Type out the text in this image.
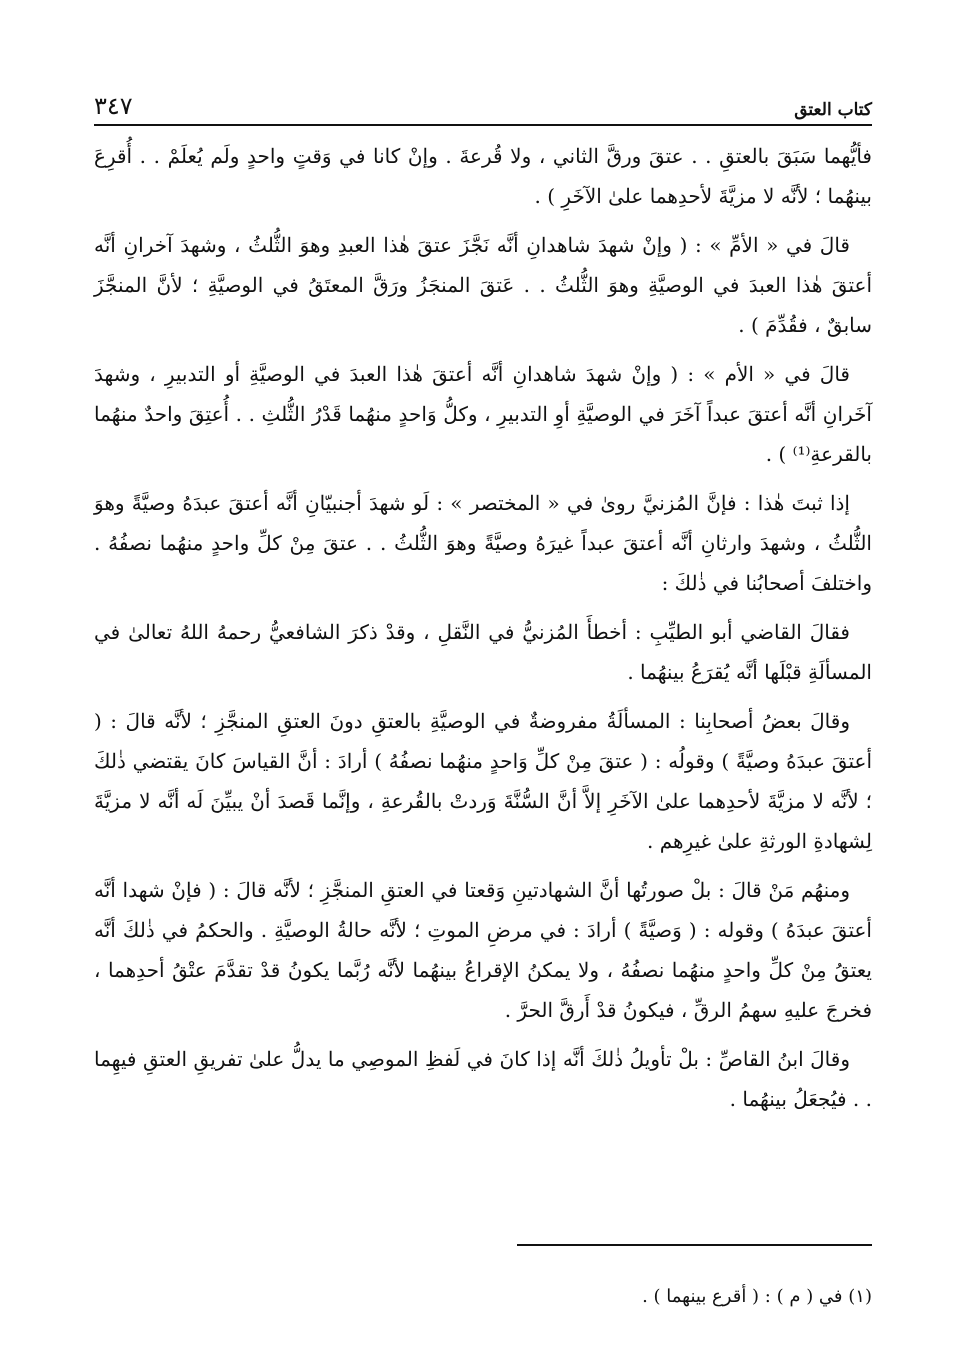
كتاب العتق
٣٤٧

فأيُّهما سَبَقَ بالعتقِ . . عتقَ ورقَّ الثاني ، ولا قُرعةَ . وإنْ كانا في وَقتٍ واحدٍ ولَم يُعلَمْ . . أُقرِعَ بينهُما ؛ لأنَّه لا مزيَّةَ لأحدِهما علىٰ الآخَرِ ) .

قالَ في « الأمِّ » : ( وإنْ شهدَ شاهدانِ أنَّه نَجَّزَ عتقَ هٰذا العبدِ وهوَ الثُّلثُ ، وشهدَ آخرانِ أنَّه أعتقَ هٰذا العبدَ في الوصيَّةِ وهوَ الثُّلثُ . . عَتقَ المنجَزُ ورَقَّ المعتَقُ في الوصيَّةِ ؛ لأنَّ المنجَّزَ سابقٌ ، فقُدِّمَ ) .

قالَ في « الأم » : ( وإنْ شهدَ شاهدانِ أنَّه أعتقَ هٰذا العبدَ في الوصيَّةِ أو التدبيرِ ، وشهدَ آخَرانِ أنَّه أعتقَ عبداً آخَرَ في الوصيَّةِ أوِ التدبيرِ ، وكلُّ وَاحدٍ منهُما قَدْرُ الثُّلثِ . . أُعتِقَ واحدٌ منهُما بالقرعةِ⁽¹⁾ ) .

إذا ثبتَ هٰذا : فإنَّ المُزنيَّ روىٰ في « المختصر » : لَو شهدَ أجنبيّانِ أنَّه أعتقَ عبدَهُ وصيَّةً وهوَ الثُّلثُ ، وشهدَ وارثانِ أنَّه أعتقَ عبداً غيرَهُ وصيَّةً وهوَ الثُّلثُ . . عتقَ مِنْ كلِّ واحدٍ منهُما نصفُهُ . واختلفَ أصحابُنا في ذٰلكَ :

فقالَ القاضي أبو الطيِّبِ : أخطأَ المُزنيُّ في النَّقلِ ، وقدْ ذكرَ الشافعيُّ رحمهُ اللهُ تعالىٰ في المسألَةِ قبْلَها أنَّه يُقرَعُ بينهُما .

وقالَ بعضُ أصحابِنا : المسألَةُ مفروضةٌ في الوصيَّةِ بالعتقِ دونَ العتقِ المنجَّزِ ؛ لأنَّه قالَ : ( أعتقَ عبدَهُ وصيَّةً ) وقولُه : ( عتقَ مِنْ كلِّ وَاحدٍ منهُما نصفُهُ ) أرادَ : أنَّ القياسَ كانَ يقتضي ذٰلكَ ؛ لأنَّه لا مزيَّةَ لأحدِهما علىٰ الآخَرِ إلاَّ أنَّ السُّنَّةَ وَردتْ بالقُرعةِ ، وإنَّما قَصدَ أنْ يبيِّنَ لَه أنَّه لا مزيَّةَ لِشهادةِ الورثةِ علىٰ غيرِهم .

ومنهُم مَنْ قالَ : بلْ صورتُها أنَّ الشهادتينِ وَقعتا في العتقِ المنجَّزِ ؛ لأنَّه قالَ : ( فإنْ شهدا أنَّه أعتقَ عبدَهُ ) وقوله : ( وَصيَّةً ) أرادَ : في مرضِ الموتِ ؛ لأنَّه حالةُ الوصيَّةِ . والحكمُ في ذٰلكَ أنَّه يعتقُ مِنْ كلِّ واحدٍ منهُما نصفُهُ ، ولا يمكنُ الإقراعُ بينهُما لأنَّه رُبَّما يكونُ قدْ تقدَّمَ عتْقُ أحدِهما ، فخرجَ عليهِ سهمُ الرقِّ ، فيكونُ قدْ أَرقَّ الحرَّ .

وقالَ ابنُ القاصِّ : بلْ تأويلُ ذٰلكَ أنَّه إذا كانَ في لَفظِ الموصِي ما يدلُّ علىٰ تفريقِ العتقِ فيهِما . . فيُجعَلُ بينهُما .

(١) في ( م ) : ( أقرع بينهما ) .
